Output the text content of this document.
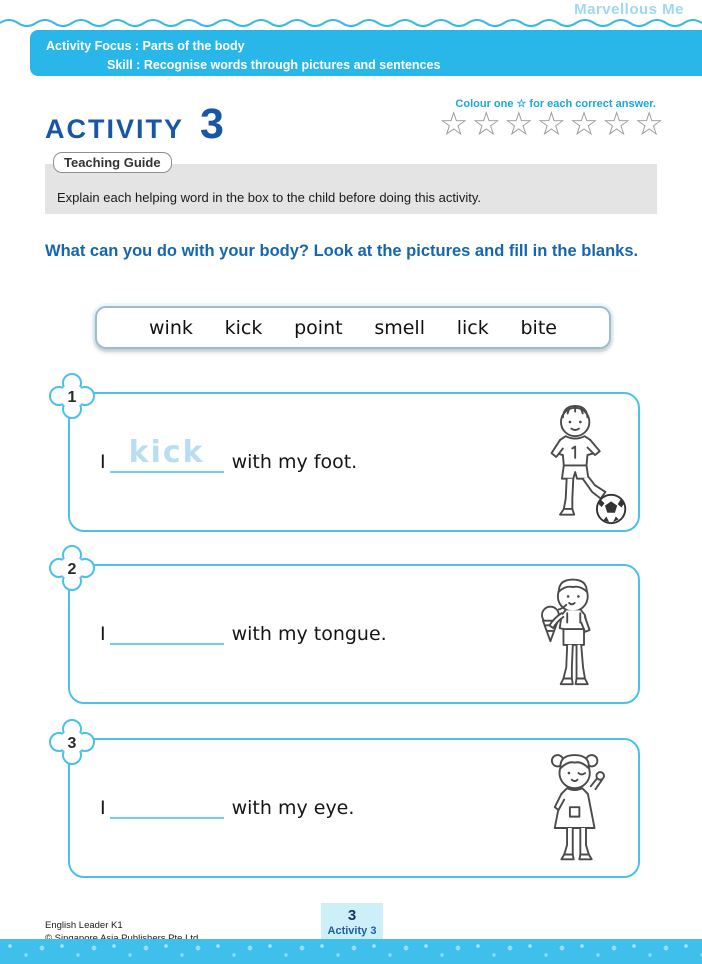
Marvellous Me
Activity Focus : Parts of the body
Skill : Recognise words through pictures and sentences
ACTIVITY 3	Colour one ☆ for each correct answer.
☆ ☆ ☆ ☆ ☆ ☆ ☆
Teaching Guide
Explain each helping word in the box to the child before doing this activity.
What can you do with your body? Look at the pictures and fill in the blanks.
wink kick point smell lick bite
1
I kick with my foot.
2
I	with my tongue.
3
I	with my eye.
3
Activity 3
English Leader K1
